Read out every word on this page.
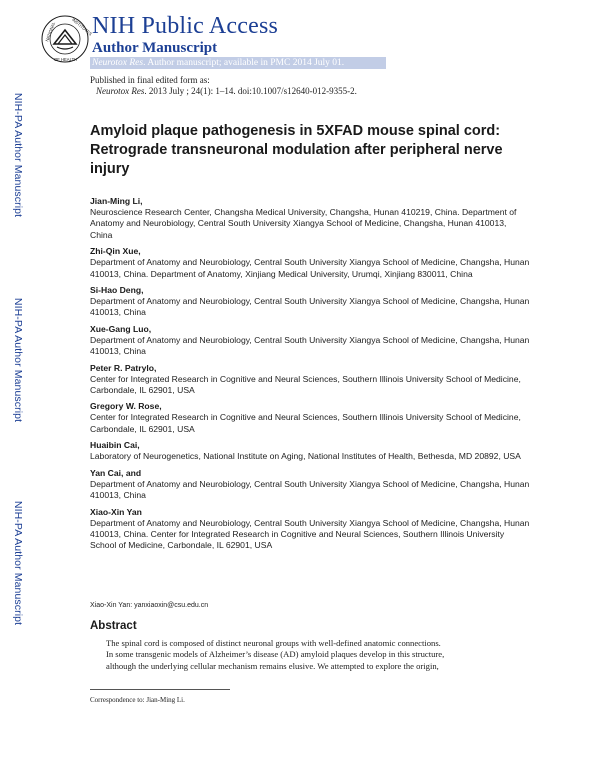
NATIONAL	INSTITUTES
OF HEALTH
NIH Public Access
Author Manuscript
Neurotox Res. Author manuscript; available in PMC 2014 July 01.
Published in final edited form as:
Neurotox Res. 2013 July ; 24(1): 1–14. doi:10.1007/s12640-012-9355-2.
NIH-PA Author Manuscript
NIH-PA Author Manuscript
NIH-PA Author Manuscript
Amyloid plaque pathogenesis in 5XFAD mouse spinal cord: Retrograde transneuronal modulation after peripheral nerve injury
Jian-Ming Li,
Neuroscience Research Center, Changsha Medical University, Changsha, Hunan 410219, China. Department of Anatomy and Neurobiology, Central South University Xiangya School of Medicine, Changsha, Hunan 410013, China
Zhi-Qin Xue,
Department of Anatomy and Neurobiology, Central South University Xiangya School of Medicine, Changsha, Hunan 410013, China. Department of Anatomy, Xinjiang Medical University, Urumqi, Xinjiang 830011, China
Si-Hao Deng,
Department of Anatomy and Neurobiology, Central South University Xiangya School of Medicine, Changsha, Hunan 410013, China
Xue-Gang Luo,
Department of Anatomy and Neurobiology, Central South University Xiangya School of Medicine, Changsha, Hunan 410013, China
Peter R. Patrylo,
Center for Integrated Research in Cognitive and Neural Sciences, Southern Illinois University School of Medicine, Carbondale, IL 62901, USA
Gregory W. Rose,
Center for Integrated Research in Cognitive and Neural Sciences, Southern Illinois University School of Medicine, Carbondale, IL 62901, USA
Huaibin Cai,
Laboratory of Neurogenetics, National Institute on Aging, National Institutes of Health, Bethesda, MD 20892, USA
Yan Cai, and
Department of Anatomy and Neurobiology, Central South University Xiangya School of Medicine, Changsha, Hunan 410013, China
Xiao-Xin Yan
Department of Anatomy and Neurobiology, Central South University Xiangya School of Medicine, Changsha, Hunan 410013, China. Center for Integrated Research in Cognitive and Neural Sciences, Southern Illinois University School of Medicine, Carbondale, IL 62901, USA
Xiao-Xin Yan: yanxiaoxin@csu.edu.cn
Abstract

The spinal cord is composed of distinct neuronal groups with well-defined anatomic connections.

In some transgenic models of Alzheimer’s disease (AD) amyloid plaques develop in this structure,

although the underlying cellular mechanism remains elusive. We attempted to explore the origin,

Correspondence to: Jian-Ming Li.
